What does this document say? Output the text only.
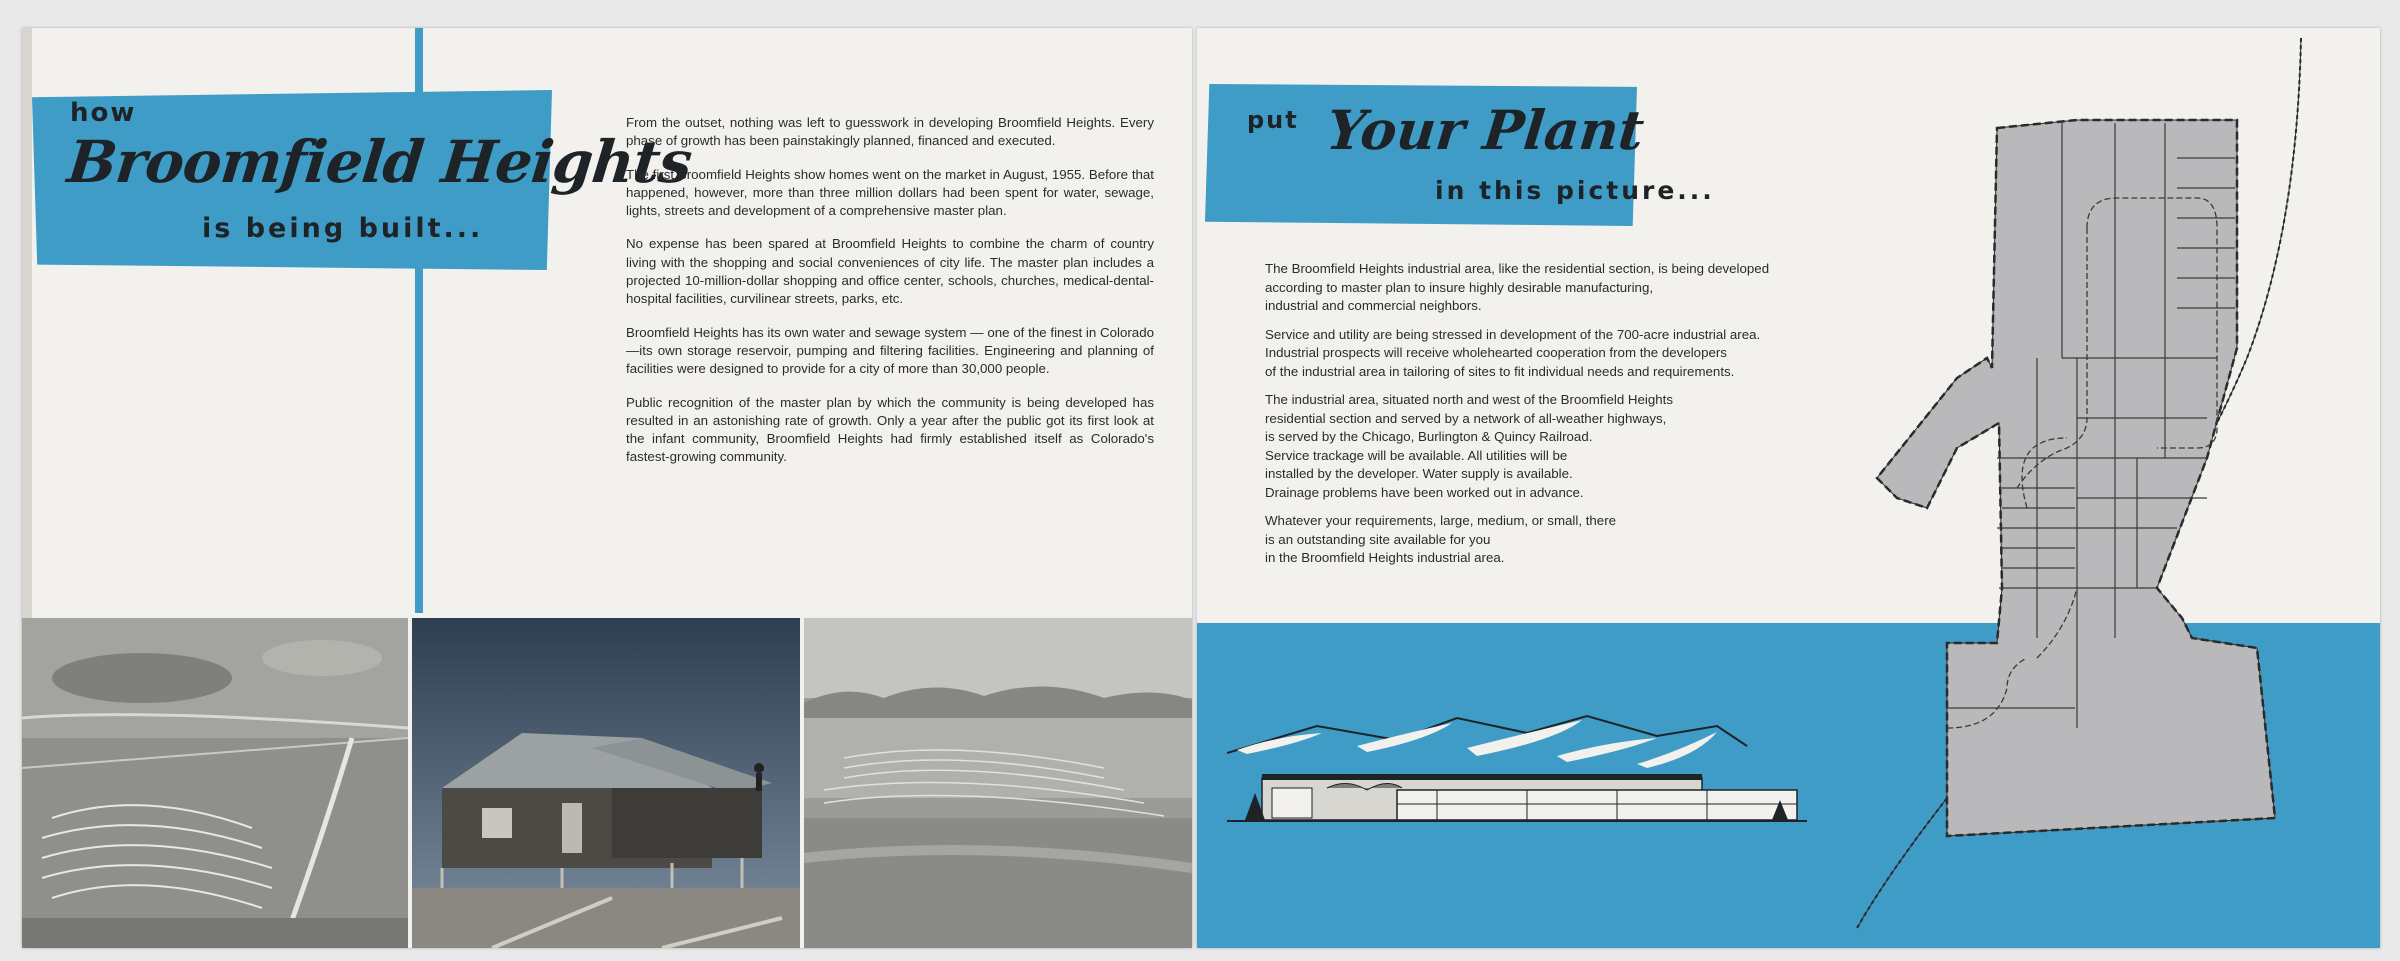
how
Broomfield Heights
is being built...

From the outset, nothing was left to guesswork in developing Broomfield Heights. Every phase of growth has been painstakingly planned, financed and executed.

The first Broomfield Heights show homes went on the market in August, 1955. Before that happened, however, more than three million dollars had been spent for water, sewage, lights, streets and development of a comprehensive master plan.

No expense has been spared at Broomfield Heights to combine the charm of country living with the shopping and social conveniences of city life. The master plan includes a projected 10-million-dollar shopping and office center, schools, churches, medical-dental-hospital facilities, curvilinear streets, parks, etc.

Broomfield Heights has its own water and sewage system — one of the finest in Colorado—its own storage reservoir, pumping and filtering facilities. Engineering and planning of facilities were designed to provide for a city of more than 30,000 people.

Public recognition of the master plan by which the community is being developed has resulted in an astonishing rate of growth. Only a year after the public got its first look at the infant community, Broomfield Heights had firmly established itself as Colorado's fastest-growing community.

put Your Plant
in this picture...

The Broomfield Heights industrial area, like the residential section, is being developed
according to master plan to insure highly desirable manufacturing,
industrial and commercial neighbors.

Service and utility are being stressed in development of the 700-acre industrial area.
Industrial prospects will receive wholehearted cooperation from the developers
of the industrial area in tailoring of sites to fit individual needs and requirements.

The industrial area, situated north and west of the Broomfield Heights
residential section and served by a network of all-weather highways,
is served by the Chicago, Burlington & Quincy Railroad.
Service trackage will be available. All utilities will be
installed by the developer. Water supply is available.
Drainage problems have been worked out in advance.

Whatever your requirements, large, medium, or small, there
is an outstanding site available for you
in the Broomfield Heights industrial area.
